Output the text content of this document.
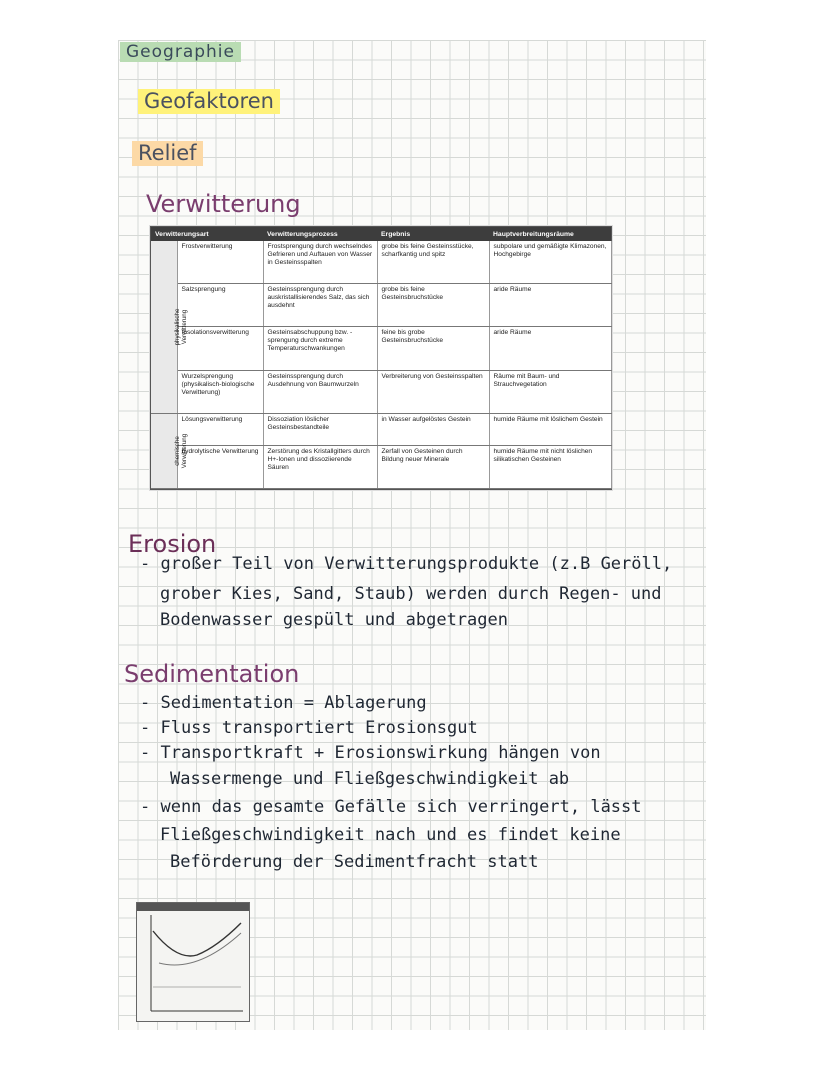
Geographie
Geofaktoren
Relief
Verwitterung
Verwitterungsart		Verwitterungsprozess	Ergebnis	Hauptverbreitungsräume
physikalische
Verwitterung	Frostverwitterung	Frostsprengung durch wechselndes Gefrieren und Auftauen von Wasser in Gesteinsspalten	grobe bis feine Gesteinsstücke, scharfkantig und spitz	subpolare und gemäßigte Klimazonen, Hochgebirge
	Salzsprengung	Gesteinssprengung durch auskristallisierendes Salz, das sich ausdehnt	grobe bis feine Gesteinsbruchstücke	aride Räume
	Insolationsverwitterung	Gesteinsabschuppung bzw. -sprengung durch extreme Temperaturschwankungen	feine bis grobe Gesteinsbruchstücke	aride Räume
	Wurzelsprengung (physikalisch-biologische Verwitterung)	Gesteinssprengung durch Ausdehnung von Baumwurzeln	Verbreiterung von Gesteinsspalten	Räume mit Baum- und Strauchvegetation
chemische
Verwitterung	Lösungsverwitterung	Dissoziation löslicher Gesteinsbestandteile	in Wasser aufgelöstes Gestein	humide Räume mit löslichem Gestein
	hydrolytische Verwitterung	Zerstörung des Kristallgitters durch H+-Ionen und dissoziierende Säuren	Zerfall von Gesteinen durch Bildung neuer Minerale	humide Räume mit nicht löslichen silikatischen Gesteinen
Erosion
- großer Teil von Verwitterungsprodukte (z.B Geröll,
grober Kies, Sand, Staub) werden durch Regen- und
Bodenwasser gespült und abgetragen
Sedimentation
- Sedimentation = Ablagerung
- Fluss transportiert Erosionsgut
- Transportkraft + Erosionswirkung hängen von
Wassermenge und Fließgeschwindigkeit ab
- wenn das gesamte Gefälle sich verringert, lässt
Fließgeschwindigkeit nach und es findet keine
Beförderung der Sedimentfracht statt
